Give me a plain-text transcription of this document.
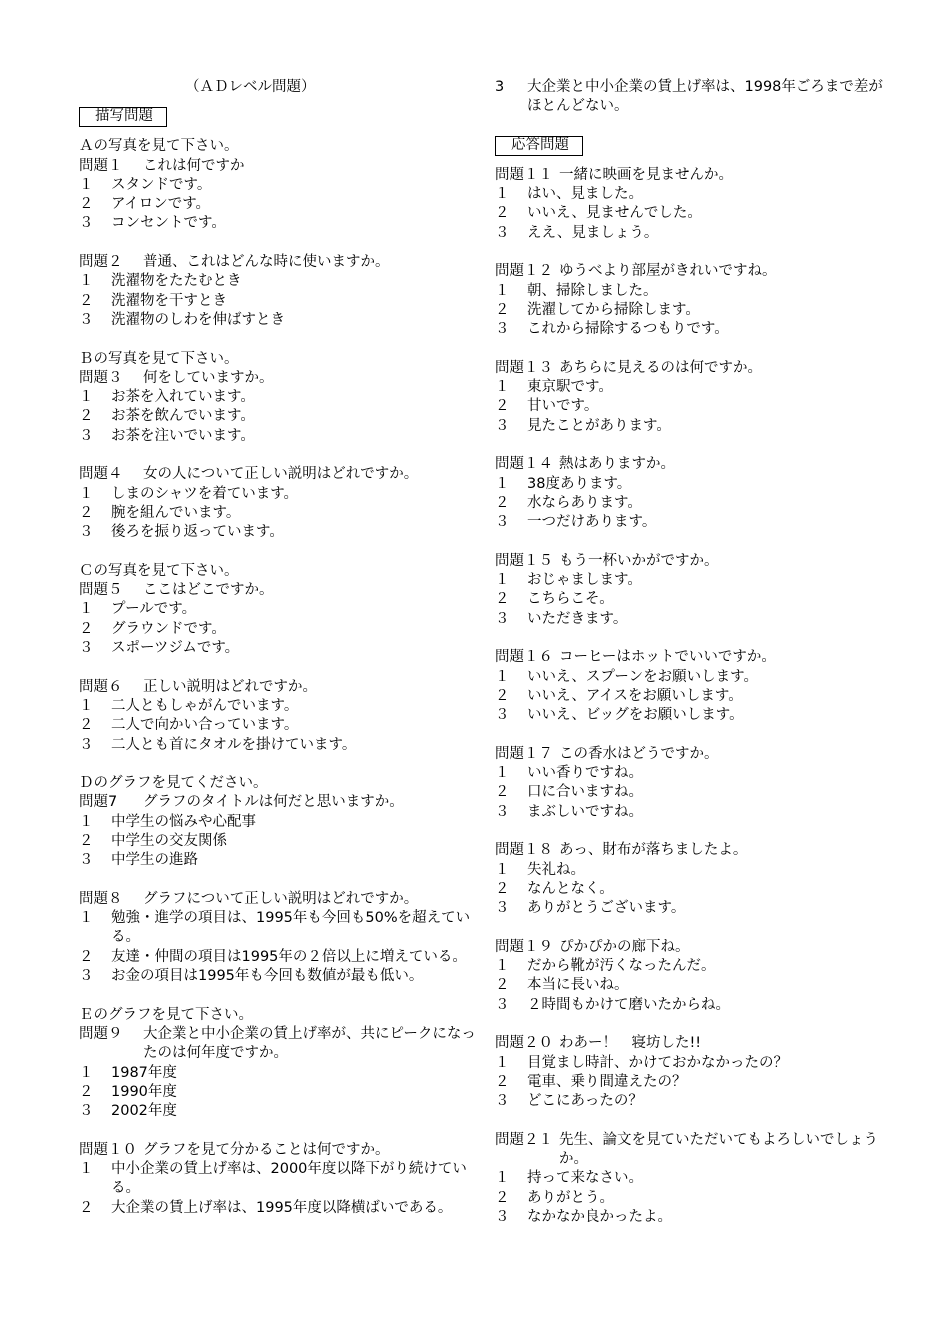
（ＡＤレベル問題）
描写問題
Ａの写真を見て下さい。
問題１	これは何ですか
１	スタンドです。
２	アイロンです。
３	コンセントです。
問題２	普通、これはどんな時に使いますか。
１	洗濯物をたたむとき
２	洗濯物を干すとき
３	洗濯物のしわを伸ばすとき
Ｂの写真を見て下さい。
問題３	何をしていますか。
１	お茶を入れています。
２	お茶を飲んでいます。
３	お茶を注いでいます。
問題４	女の人について正しい説明はどれですか。
１	しまのシャツを着ています。
２	腕を組んでいます。
３	後ろを振り返っています。
Ｃの写真を見て下さい。
問題５	ここはどこですか。
１	プールです。
２	グラウンドです。
３	スポーツジムです。
問題６	正しい説明はどれですか。
１	二人ともしゃがんでいます。
２	二人で向かい合っています。
３	二人とも首にタオルを掛けています。
Ｄのグラフを見てください。
問題7	グラフのタイトルは何だと思いますか。
１	中学生の悩みや心配事
２	中学生の交友関係
３	中学生の進路
問題８	グラフについて正しい説明はどれですか。
１	勉強・進学の項目は、1995年も今回も50%を超えている。
２	友達・仲間の項目は1995年の２倍以上に増えている。
３	お金の項目は1995年も今回も数値が最も低い。
Ｅのグラフを見て下さい。
問題９	大企業と中小企業の賃上げ率が、共にピークになったのは何年度ですか。
１	1987年度
２	1990年度
３	2002年度
問題１０ グラフを見て分かることは何ですか。
１	中小企業の賃上げ率は、2000年度以降下がり続けている。
２	大企業の賃上げ率は、1995年度以降横ばいである。
3	大企業と中小企業の賃上げ率は、1998年ごろまで差がほとんどない。
応答問題
問題１１ 一緒に映画を見ませんか。
１	はい、見ました。
２	いいえ、見ませんでした。
３	ええ、見ましょう。
問題１２ ゆうべより部屋がきれいですね。
１	朝、掃除しました。
２	洗濯してから掃除します。
３	これから掃除するつもりです。
問題１３ あちらに見えるのは何ですか。
１	東京駅です。
２	甘いです。
３	見たことがあります。
問題１４ 熱はありますか。
１	38度あります。
２	水ならあります。
３	一つだけあります。
問題１５ もう一杯いかがですか。
１	おじゃまします。
２	こちらこそ。
３	いただきます。
問題１６ コーヒーはホットでいいですか。
１	いいえ、スプーンをお願いします。
２	いいえ、アイスをお願いします。
３	いいえ、ビッグをお願いします。
問題１７ この香水はどうですか。
１	いい香りですね。
２	口に合いますね。
３	まぶしいですね。
問題１８ あっ、財布が落ちましたよ。
１	失礼ね。
２	なんとなく。
３	ありがとうございます。
問題１９ ぴかぴかの廊下ね。
１	だから靴が汚くなったんだ。
２	本当に長いね。
３	２時間もかけて磨いたからね。
問題２０ わあー！　寝坊した!!
１	目覚まし時計、かけておかなかったの？
２	電車、乗り間違えたの？
３	どこにあったの？
問題２１ 先生、論文を見ていただいてもよろしいでしょうか。
１	持って来なさい。
２	ありがとう。
３	なかなか良かったよ。
